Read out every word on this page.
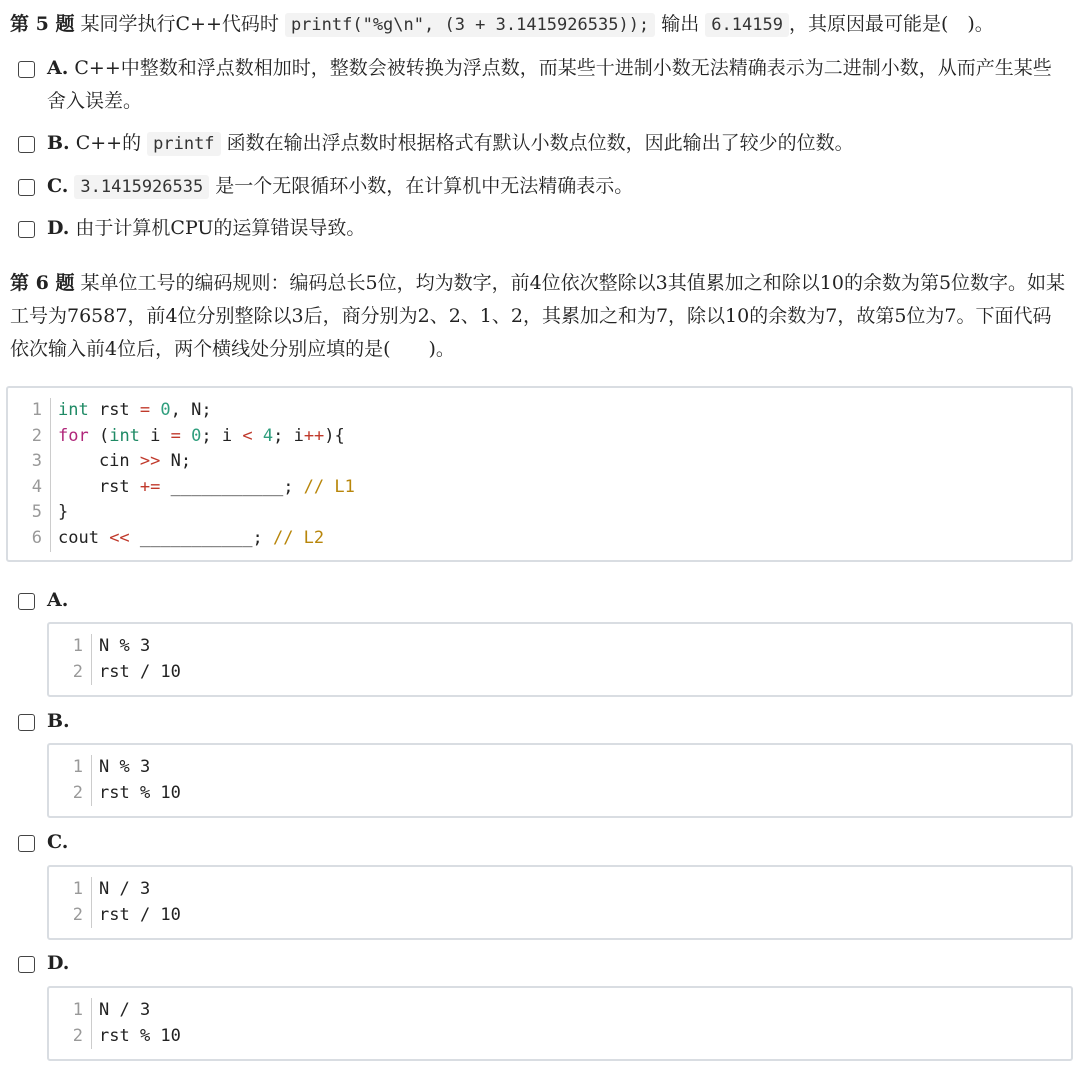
第 5 题 某同学执行C++代码时 printf("%g\n", (3 + 3.1415926535)); 输出 6.14159 ，其原因最可能是(　)。
A. C++中整数和浮点数相加时，整数会被转换为浮点数，而某些十进制小数无法精确表示为二进制小数，从而产生某些舍入误差。
B. C++的 printf 函数在输出浮点数时根据格式有默认小数点位数，因此输出了较少的位数。
C. 3.1415926535 是一个无限循环小数，在计算机中无法精确表示。
D. 由于计算机CPU的运算错误导致。
第 6 题 某单位工号的编码规则：编码总长5位，均为数字，前4位依次整除以3其值累加之和除以10的余数为第5位数字。如某工号为76587，前4位分别整除以3后，商分别为2、2、1、2，其累加之和为7，除以10的余数为7，故第5位为7。下面代码依次输入前4位后，两个横线处分别应填的是(　　)。
1 int rst = 0, N;
2 for (int i = 0; i < 4; i++){
3 cin >> N;
4 rst += ___________; // L1
5 }
6 cout << ___________; // L2
A.
1 N % 3
2 rst / 10
B.
1 N % 3
2 rst % 10
C.
1 N / 3
2 rst / 10
D.
1 N / 3
2 rst % 10
